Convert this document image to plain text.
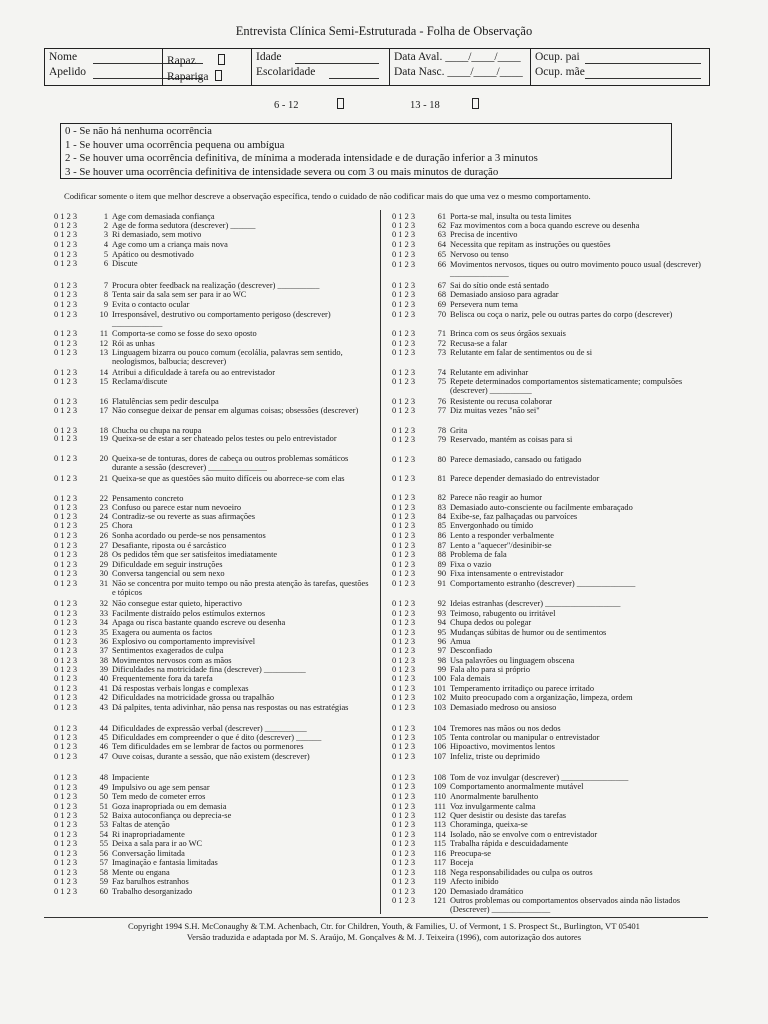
Entrevista Clínica Semi-Estruturada - Folha de Observação
Nome
Apelido
Rapaz
Rapariga
Idade
Escolaridade
Data Aval. ____/____/____
Data Nasc. ____/____/____
Ocup. pai
Ocup. mãe
6 - 12	13 - 18
0 - Se não há nenhuma ocorrência
1 - Se houver uma ocorrência pequena ou ambígua
2 - Se houver uma ocorrência definitiva, de mínima a moderada intensidade e de duração inferior a 3 minutos
3 - Se houver uma ocorrência definitiva de intensidade severa ou com 3 ou mais minutos de duração
Codificar somente o item que melhor descreve a observação específica, tendo o cuidado de não codificar mais do que uma vez o mesmo comportamento.
0 1 2 3	1 Age com demasiada confiança
0 1 2 3	2 Age de forma sedutora (descrever) ______
0 1 2 3	3 Ri demasiado, sem motivo
0 1 2 3	4 Age como um a criança mais nova
0 1 2 3	5 Apático ou desmotivado
0 1 2 3	6 Discute
0 1 2 3	7 Procura obter feedback na realização (descrever) __________
0 1 2 3	8 Tenta sair da sala sem ser para ir ao WC
0 1 2 3	9 Evita o contacto ocular
0 1 2 3	10 Irresponsável, destrutivo ou comportamento perigoso (descrever) ____________
0 1 2 3	11 Comporta-se como se fosse do sexo oposto
0 1 2 3	12 Rói as unhas
0 1 2 3	13 Linguagem bizarra ou pouco comum (ecolália, palavras sem sentido, neologismos, balbucia; descrever)
0 1 2 3	14 Atribui a dificuldade à tarefa ou ao entrevistador
0 1 2 3	15 Reclama/discute
0 1 2 3	16 Flatulências sem pedir desculpa
0 1 2 3	17 Não consegue deixar de pensar em algumas coisas; obsessões (descrever)
0 1 2 3	18 Chucha ou chupa na roupa
0 1 2 3	19 Queixa-se de estar a ser chateado pelos testes ou pelo entrevistador
0 1 2 3	20 Queixa-se de tonturas, dores de cabeça ou outros problemas somáticos durante a sessão (descrever) ______________
0 1 2 3	21 Queixa-se que as questões são muito difíceis ou aborrece-se com elas
0 1 2 3	22 Pensamento concreto
0 1 2 3	23 Confuso ou parece estar num nevoeiro
0 1 2 3	24 Contradiz-se ou reverte as suas afirmações
0 1 2 3	25 Chora
0 1 2 3	26 Sonha acordado ou perde-se nos pensamentos
0 1 2 3	27 Desafiante, riposta ou é sarcástico
0 1 2 3	28 Os pedidos têm que ser satisfeitos imediatamente
0 1 2 3	29 Dificuldade em seguir instruções
0 1 2 3	30 Conversa tangencial ou sem nexo
0 1 2 3	31 Não se concentra por muito tempo ou não presta atenção às tarefas, questões e tópicos
0 1 2 3	32 Não consegue estar quieto, hiperactivo
0 1 2 3	33 Facilmente distraído pelos estímulos externos
0 1 2 3	34 Apaga ou risca bastante quando escreve ou desenha
0 1 2 3	35 Exagera ou aumenta os factos
0 1 2 3	36 Explosivo ou comportamento imprevisível
0 1 2 3	37 Sentimentos exagerados de culpa
0 1 2 3	38 Movimentos nervosos com as mãos
0 1 2 3	39 Dificuldades na motricidade fina (descrever) __________
0 1 2 3	40 Frequentemente fora da tarefa
0 1 2 3	41 Dá respostas verbais longas e complexas
0 1 2 3	42 Dificuldades na motricidade grossa ou trapalhão
0 1 2 3	43 Dá palpites, tenta adivinhar, não pensa nas respostas ou nas estratégias
0 1 2 3	44 Dificuldades de expressão verbal (descrever) __________
0 1 2 3	45 Dificuldades em compreender o que é dito (descrever) ______
0 1 2 3	46 Tem dificuldades em se lembrar de factos ou pormenores
0 1 2 3	47 Ouve coisas, durante a sessão, que não existem (descrever)
0 1 2 3	48 Impaciente
0 1 2 3	49 Impulsivo ou age sem pensar
0 1 2 3	50 Tem medo de cometer erros
0 1 2 3	51 Goza inapropriada ou em demasia
0 1 2 3	52 Baixa autoconfiança ou deprecia-se
0 1 2 3	53 Faltas de atenção
0 1 2 3	54 Ri inapropriadamente
0 1 2 3	55 Deixa a sala para ir ao WC
0 1 2 3	56 Conversação limitada
0 1 2 3	57 Imaginação e fantasia limitadas
0 1 2 3	58 Mente ou engana
0 1 2 3	59 Faz barulhos estranhos
0 1 2 3	60 Trabalho desorganizado
0 1 2 3	61 Porta-se mal, insulta ou testa limites
0 1 2 3	62 Faz movimentos com a boca quando escreve ou desenha
0 1 2 3	63 Precisa de incentivo
0 1 2 3	64 Necessita que repitam as instruções ou questões
0 1 2 3	65 Nervoso ou tenso
0 1 2 3	66 Movimentos nervosos, tiques ou outro movimento pouco usual (descrever) ______________
0 1 2 3	67 Sai do sítio onde está sentado
0 1 2 3	68 Demasiado ansioso para agradar
0 1 2 3	69 Persevera num tema
0 1 2 3	70 Belisca ou coça o nariz, pele ou outras partes do corpo (descrever)
0 1 2 3	71 Brinca com os seus órgãos sexuais
0 1 2 3	72 Recusa-se a falar
0 1 2 3	73 Relutante em falar de sentimentos ou de si
0 1 2 3	74 Relutante em adivinhar
0 1 2 3	75 Repete determinados comportamentos sistematicamente; compulsões (descrever) __________
0 1 2 3	76 Resistente ou recusa colaborar
0 1 2 3	77 Diz muitas vezes "não sei"
0 1 2 3	78 Grita
0 1 2 3	79 Reservado, mantém as coisas para si
0 1 2 3	80 Parece demasiado, cansado ou fatigado
0 1 2 3	81 Parece depender demasiado do entrevistador
0 1 2 3	82 Parece não reagir ao humor
0 1 2 3	83 Demasiado auto-consciente ou facilmente embaraçado
0 1 2 3	84 Exibe-se, faz palhaçadas ou parvoíces
0 1 2 3	85 Envergonhado ou tímido
0 1 2 3	86 Lento a responder verbalmente
0 1 2 3	87 Lento a "aquecer"/desinibir-se
0 1 2 3	88 Problema de fala
0 1 2 3	89 Fixa o vazio
0 1 2 3	90 Fixa intensamente o entrevistador
0 1 2 3	91 Comportamento estranho (descrever) ______________
0 1 2 3	92 Ideias estranhas (descrever) __________________
0 1 2 3	93 Teimoso, rabugento ou irritável
0 1 2 3	94 Chupa dedos ou polegar
0 1 2 3	95 Mudanças súbitas de humor ou de sentimentos
0 1 2 3	96 Amua
0 1 2 3	97 Desconfiado
0 1 2 3	98 Usa palavrões ou linguagem obscena
0 1 2 3	99 Fala alto para si próprio
0 1 2 3	100 Fala demais
0 1 2 3	101 Temperamento irritadiço ou parece irritado
0 1 2 3	102 Muito preocupado com a organização, limpeza, ordem
0 1 2 3	103 Demasiado medroso ou ansioso
0 1 2 3	104 Tremores nas mãos ou nos dedos
0 1 2 3	105 Tenta controlar ou manipular o entrevistador
0 1 2 3	106 Hipoactivo, movimentos lentos
0 1 2 3	107 Infeliz, triste ou deprimido
0 1 2 3	108 Tom de voz invulgar (descrever) ________________
0 1 2 3	109 Comportamento anormalmente mutável
0 1 2 3	110 Anormalmente barulhento
0 1 2 3	111 Voz invulgarmente calma
0 1 2 3	112 Quer desistir ou desiste das tarefas
0 1 2 3	113 Choraminga, queixa-se
0 1 2 3	114 Isolado, não se envolve com o entrevistador
0 1 2 3	115 Trabalha rápida e descuidadamente
0 1 2 3	116 Preocupa-se
0 1 2 3	117 Boceja
0 1 2 3	118 Nega responsabilidades ou culpa os outros
0 1 2 3	119 Afecto inibido
0 1 2 3	120 Demasiado dramático
0 1 2 3	121 Outros problemas ou comportamentos observados ainda não listados (Descrever) ______________
Copyright 1994 S.H. McConaughy & T.M. Achenbach, Ctr. for Children, Youth, & Families, U. of Vermont, 1 S. Prospect St., Burlington, VT 05401
Versão traduzida e adaptada por M. S. Araújo, M. Gonçalves & M. J. Teixeira (1996), com autorização dos autores
